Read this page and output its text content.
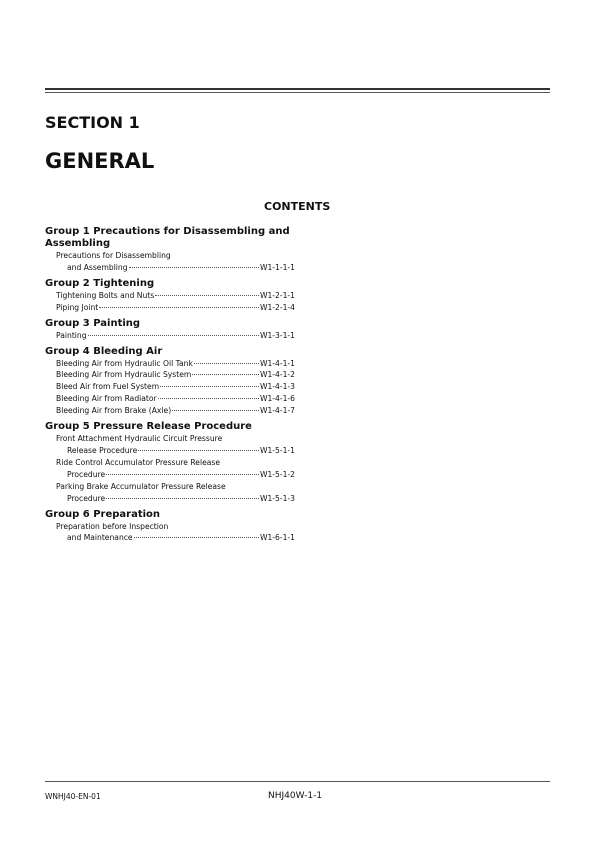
SECTION 1
GENERAL
CONTENTS
Group 1 Precautions for Disassembling and Assembling
Precautions for Disassembling
and Assembling	W1-1-1-1
Group 2 Tightening
Tightening Bolts and Nuts	W1-2-1-1
Piping Joint	W1-2-1-4
Group 3 Painting
Painting	W1-3-1-1
Group 4 Bleeding Air
Bleeding Air from Hydraulic Oil Tank	W1-4-1-1
Bleeding Air from Hydraulic System	W1-4-1-2
Bleed Air from Fuel System	W1-4-1-3
Bleeding Air from Radiator	W1-4-1-6
Bleeding Air from Brake (Axle)	W1-4-1-7
Group 5 Pressure Release Procedure
Front Attachment Hydraulic Circuit Pressure
Release Procedure	W1-5-1-1
Ride Control Accumulator Pressure Release
Procedure	W1-5-1-2
Parking Brake Accumulator Pressure Release
Procedure	W1-5-1-3
Group 6 Preparation
Preparation before Inspection
and Maintenance	W1-6-1-1
WNHJ40-EN-01	NHJ40W-1-1
